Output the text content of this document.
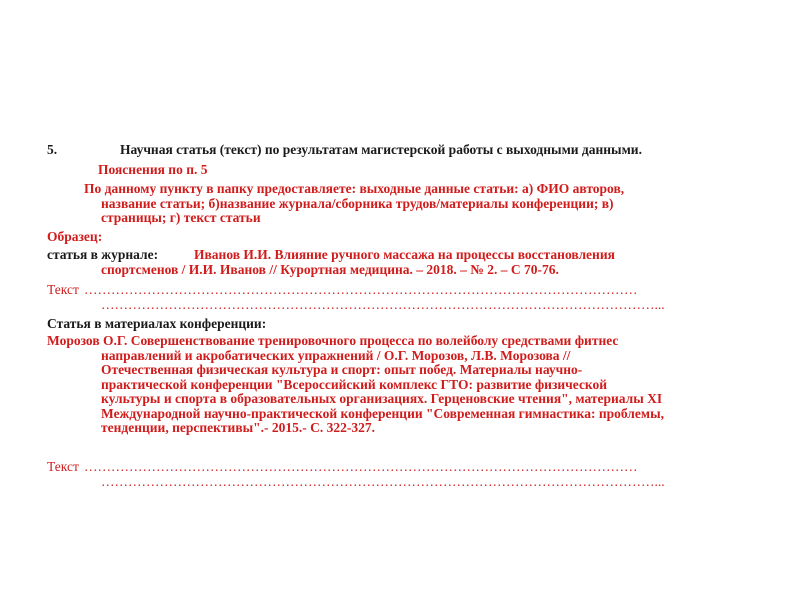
5.	Научная статья (текст) по результатам магистерской работы с выходными данными.
Пояснения по п. 5
По данному пункту в папку предоставляете: выходные данные статьи: а) ФИО авторов,
название статьи; б)название журнала/сборника трудов/материалы конференции; в)
страницы; г) текст статьи
Образец:
статья в журнале:	Иванов И.И. Влияние ручного массажа на процессы восстановления
спортсменов / И.И. Иванов // Курортная медицина. – 2018. – № 2. – С 70-76.
Текст ……………………………………………………………………………………………………………
……………………………………………………………………………………………………………...
Статья в материалах конференции:
Морозов О.Г. Совершенствование тренировочного процесса по волейболу средствами фитнес
направлений и акробатических упражнений / О.Г. Морозов, Л.В. Морозова //
Отечественная физическая культура и спорт: опыт побед. Материалы научно-
практической конференции "Всероссийский комплекс ГТО: развитие физической
культуры и спорта в образовательных организациях. Герценовские чтения", материалы XI
Международной научно-практической конференции "Современная гимнастика: проблемы,
тенденции, перспективы".- 2015.- С. 322-327.
Текст ……………………………………………………………………………………………………………
……………………………………………………………………………………………………………...
